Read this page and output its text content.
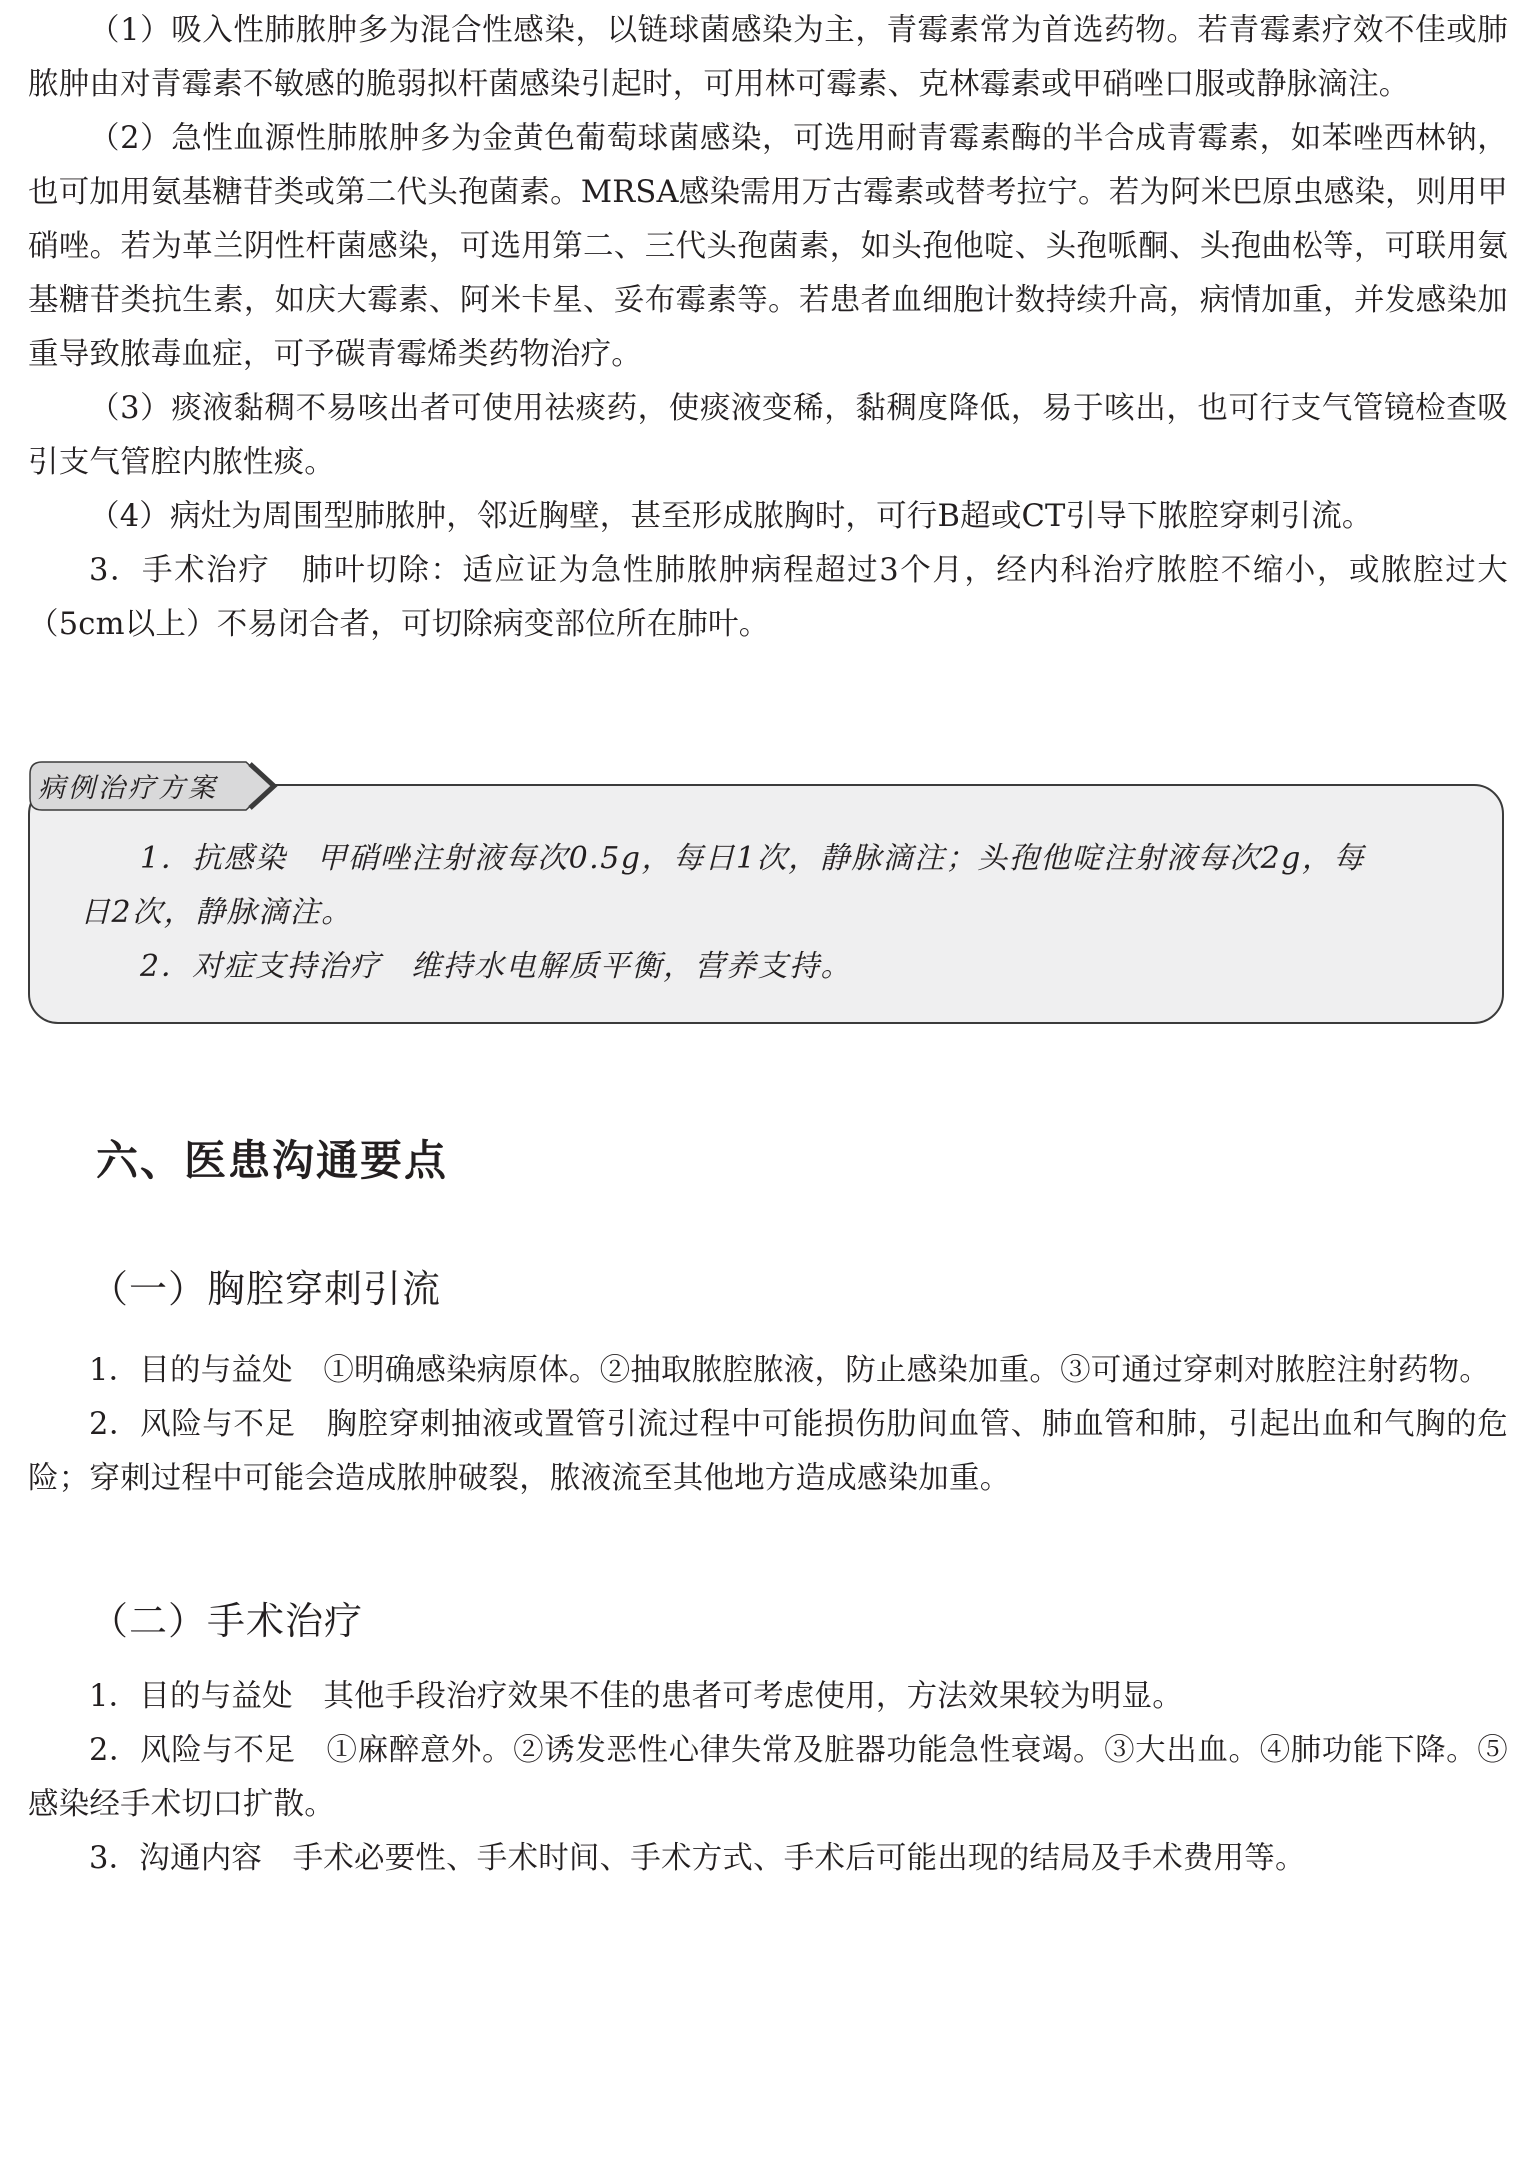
（1）吸入性肺脓肿多为混合性感染，以链球菌感染为主，青霉素常为首选药物。若青霉素疗效不佳或肺脓肿由对青霉素不敏感的脆弱拟杆菌感染引起时，可用林可霉素、克林霉素或甲硝唑口服或静脉滴注。

（2）急性血源性肺脓肿多为金黄色葡萄球菌感染，可选用耐青霉素酶的半合成青霉素，如苯唑西林钠，也可加用氨基糖苷类或第二代头孢菌素。MRSA感染需用万古霉素或替考拉宁。若为阿米巴原虫感染，则用甲硝唑。若为革兰阴性杆菌感染，可选用第二、三代头孢菌素，如头孢他啶、头孢哌酮、头孢曲松等，可联用氨基糖苷类抗生素，如庆大霉素、阿米卡星、妥布霉素等。若患者血细胞计数持续升高，病情加重，并发感染加重导致脓毒血症，可予碳青霉烯类药物治疗。

（3）痰液黏稠不易咳出者可使用祛痰药，使痰液变稀，黏稠度降低，易于咳出，也可行支气管镜检查吸引支气管腔内脓性痰。

（4）病灶为周围型肺脓肿，邻近胸壁，甚至形成脓胸时，可行B超或CT引导下脓腔穿刺引流。

3．手术治疗 肺叶切除：适应证为急性肺脓肿病程超过3个月，经内科治疗脓腔不缩小，或脓腔过大（5cm以上）不易闭合者，可切除病变部位所在肺叶。

1．抗感染 甲硝唑注射液每次0.5g，每日1次，静脉滴注；头孢他啶注射液每次2g，每

日2次，静脉滴注。

2．对症支持治疗 维持水电解质平衡，营养支持。

病例治疗方案
六、医患沟通要点
（一）胸腔穿刺引流

1．目的与益处 ①明确感染病原体。②抽取脓腔脓液，防止感染加重。③可通过穿刺对脓腔注射药物。

2．风险与不足 胸腔穿刺抽液或置管引流过程中可能损伤肋间血管、肺血管和肺，引起出血和气胸的危险；穿刺过程中可能会造成脓肿破裂，脓液流至其他地方造成感染加重。

（二）手术治疗

1．目的与益处 其他手段治疗效果不佳的患者可考虑使用，方法效果较为明显。

2．风险与不足 ①麻醉意外。②诱发恶性心律失常及脏器功能急性衰竭。③大出血。④肺功能下降。⑤感染经手术切口扩散。

3．沟通内容 手术必要性、手术时间、手术方式、手术后可能出现的结局及手术费用等。
